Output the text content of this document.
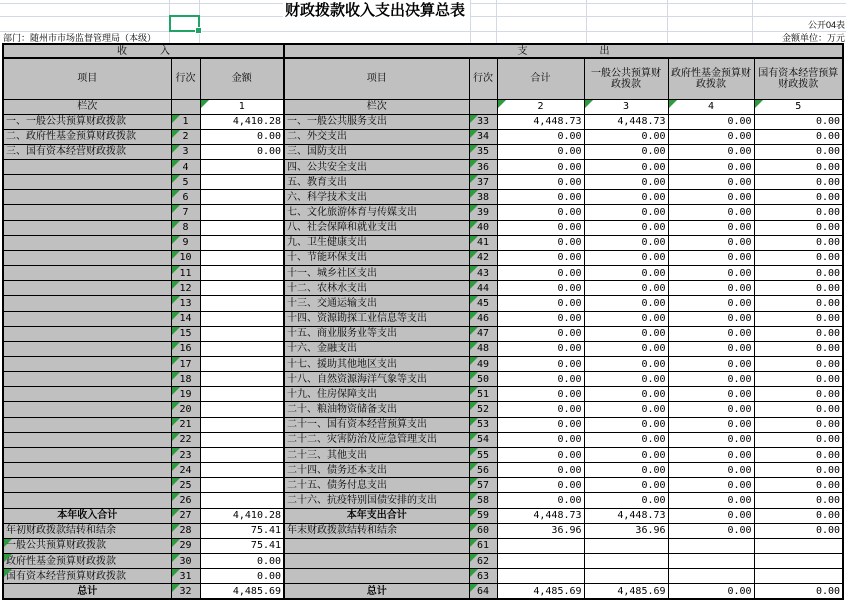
财政拨款收入支出决算总表
部门：随州市市场监督管理局（本级）
公开04表
金额单位：万元
收入			支出					
项目	行次	金额	项目	行次	合计	一般公共预算财政拨款	政府性基金预算财政拨款	国有资本经营预算财政拨款
栏次		1	栏次		2	3	4	5
一、一般公共预算财政拨款	1	4,410.28	一、一般公共服务支出	33	4,448.73	4,448.73	0.00	0.00
二、政府性基金预算财政拨款	2	0.00	二、外交支出	34	0.00	0.00	0.00	0.00
三、国有资本经营财政拨款	3	0.00	三、国防支出	35	0.00	0.00	0.00	0.00
	4		四、公共安全支出	36	0.00	0.00	0.00	0.00
	5		五、教育支出	37	0.00	0.00	0.00	0.00
	6		六、科学技术支出	38	0.00	0.00	0.00	0.00
	7		七、文化旅游体育与传媒支出	39	0.00	0.00	0.00	0.00
	8		八、社会保障和就业支出	40	0.00	0.00	0.00	0.00
	9		九、卫生健康支出	41	0.00	0.00	0.00	0.00
	10		十、节能环保支出	42	0.00	0.00	0.00	0.00
	11		十一、城乡社区支出	43	0.00	0.00	0.00	0.00
	12		十二、农林水支出	44	0.00	0.00	0.00	0.00
	13		十三、交通运输支出	45	0.00	0.00	0.00	0.00
	14		十四、资源勘探工业信息等支出	46	0.00	0.00	0.00	0.00
	15		十五、商业服务业等支出	47	0.00	0.00	0.00	0.00
	16		十六、金融支出	48	0.00	0.00	0.00	0.00
	17		十七、援助其他地区支出	49	0.00	0.00	0.00	0.00
	18		十八、自然资源海洋气象等支出	50	0.00	0.00	0.00	0.00
	19		十九、住房保障支出	51	0.00	0.00	0.00	0.00
	20		二十、粮油物资储备支出	52	0.00	0.00	0.00	0.00
	21		二十一、国有资本经营预算支出	53	0.00	0.00	0.00	0.00
	22		二十二、灾害防治及应急管理支出	54	0.00	0.00	0.00	0.00
	23		二十三、其他支出	55	0.00	0.00	0.00	0.00
	24		二十四、债务还本支出	56	0.00	0.00	0.00	0.00
	25		二十五、债务付息支出	57	0.00	0.00	0.00	0.00
	26		二十六、抗疫特别国债安排的支出	58	0.00	0.00	0.00	0.00
本年收入合计	27	4,410.28	本年支出合计	59	4,448.73	4,448.73	0.00	0.00
年初财政拨款结转和结余	28	75.41	年末财政拨款结转和结余	60	36.96	36.96	0.00	0.00
一般公共预算财政拨款	29	75.41		61				
政府性基金预算财政拨款	30	0.00		62				
国有资本经营预算财政拨款	31	0.00		63				
总计	32	4,485.69	总计	64	4,485.69	4,485.69	0.00	0.00
